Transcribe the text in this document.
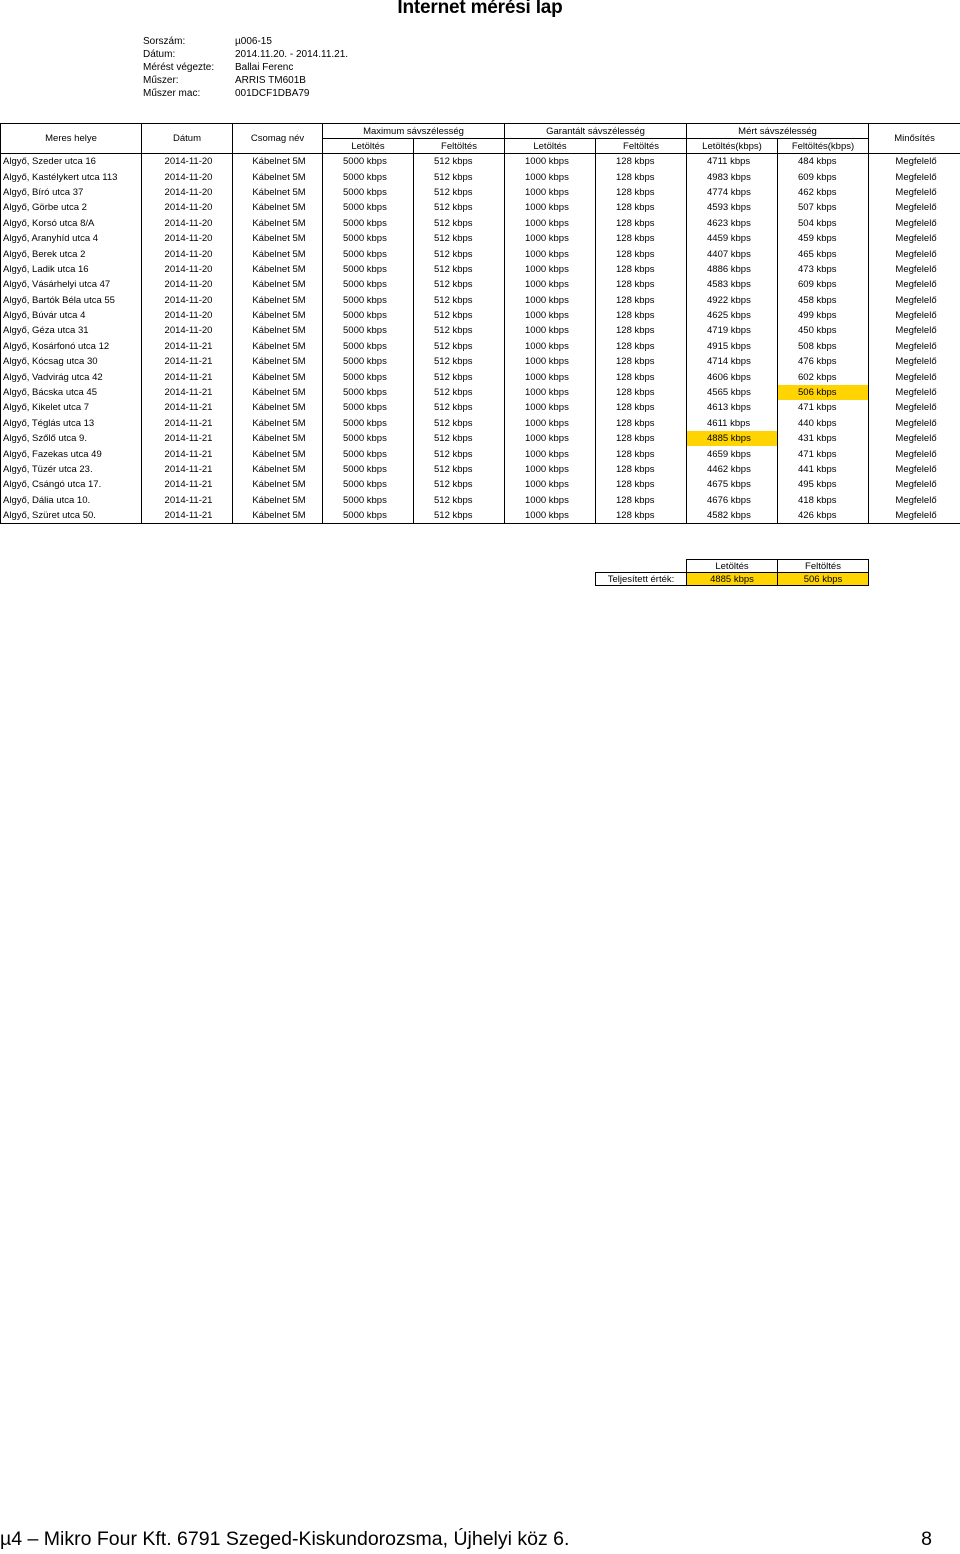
Internet mérési lap
Sorszám:	µ006-15
Dátum:	2014.11.20. - 2014.11.21.
Mérést végezte:	Ballai Ferenc
Műszer:	ARRIS TM601B
Műszer mac:	001DCF1DBA79
Meres helye	Dátum	Csomag név	Maximum sávszélesség		Garantált sávszélesség		Mért sávszélesség		Minősítés
			Letöltés	Feltöltés	Letöltés	Feltöltés	Letöltés(kbps)	Feltöltés(kbps)	
Algyő, Szeder utca 16	2014-11-20	Kábelnet 5M	5000 kbps	512 kbps	1000 kbps	128 kbps	4711 kbps	484 kbps	Megfelelő
Algyő, Kastélykert utca 113	2014-11-20	Kábelnet 5M	5000 kbps	512 kbps	1000 kbps	128 kbps	4983 kbps	609 kbps	Megfelelő
Algyő, Bíró utca 37	2014-11-20	Kábelnet 5M	5000 kbps	512 kbps	1000 kbps	128 kbps	4774 kbps	462 kbps	Megfelelő
Algyő, Görbe utca 2	2014-11-20	Kábelnet 5M	5000 kbps	512 kbps	1000 kbps	128 kbps	4593 kbps	507 kbps	Megfelelő
Algyő, Korsó utca 8/A	2014-11-20	Kábelnet 5M	5000 kbps	512 kbps	1000 kbps	128 kbps	4623 kbps	504 kbps	Megfelelő
Algyő, Aranyhíd utca 4	2014-11-20	Kábelnet 5M	5000 kbps	512 kbps	1000 kbps	128 kbps	4459 kbps	459 kbps	Megfelelő
Algyő, Berek utca 2	2014-11-20	Kábelnet 5M	5000 kbps	512 kbps	1000 kbps	128 kbps	4407 kbps	465 kbps	Megfelelő
Algyő, Ladik utca 16	2014-11-20	Kábelnet 5M	5000 kbps	512 kbps	1000 kbps	128 kbps	4886 kbps	473 kbps	Megfelelő
Algyő, Vásárhelyi utca 47	2014-11-20	Kábelnet 5M	5000 kbps	512 kbps	1000 kbps	128 kbps	4583 kbps	609 kbps	Megfelelő
Algyő, Bartók Béla utca 55	2014-11-20	Kábelnet 5M	5000 kbps	512 kbps	1000 kbps	128 kbps	4922 kbps	458 kbps	Megfelelő
Algyő, Búvár utca 4	2014-11-20	Kábelnet 5M	5000 kbps	512 kbps	1000 kbps	128 kbps	4625 kbps	499 kbps	Megfelelő
Algyő, Géza utca 31	2014-11-20	Kábelnet 5M	5000 kbps	512 kbps	1000 kbps	128 kbps	4719 kbps	450 kbps	Megfelelő
Algyő, Kosárfonó utca 12	2014-11-21	Kábelnet 5M	5000 kbps	512 kbps	1000 kbps	128 kbps	4915 kbps	508 kbps	Megfelelő
Algyő, Kócsag utca 30	2014-11-21	Kábelnet 5M	5000 kbps	512 kbps	1000 kbps	128 kbps	4714 kbps	476 kbps	Megfelelő
Algyő, Vadvirág utca 42	2014-11-21	Kábelnet 5M	5000 kbps	512 kbps	1000 kbps	128 kbps	4606 kbps	602 kbps	Megfelelő
Algyő, Bácska utca 45	2014-11-21	Kábelnet 5M	5000 kbps	512 kbps	1000 kbps	128 kbps	4565 kbps	506 kbps	Megfelelő
Algyő, Kikelet utca 7	2014-11-21	Kábelnet 5M	5000 kbps	512 kbps	1000 kbps	128 kbps	4613 kbps	471 kbps	Megfelelő
Algyő, Téglás utca 13	2014-11-21	Kábelnet 5M	5000 kbps	512 kbps	1000 kbps	128 kbps	4611 kbps	440 kbps	Megfelelő
Algyő, Szőlő utca 9.	2014-11-21	Kábelnet 5M	5000 kbps	512 kbps	1000 kbps	128 kbps	4885 kbps	431 kbps	Megfelelő
Algyő, Fazekas utca 49	2014-11-21	Kábelnet 5M	5000 kbps	512 kbps	1000 kbps	128 kbps	4659 kbps	471 kbps	Megfelelő
Algyő, Tüzér utca 23.	2014-11-21	Kábelnet 5M	5000 kbps	512 kbps	1000 kbps	128 kbps	4462 kbps	441 kbps	Megfelelő
Algyő, Csángó utca 17.	2014-11-21	Kábelnet 5M	5000 kbps	512 kbps	1000 kbps	128 kbps	4675 kbps	495 kbps	Megfelelő
Algyő, Dália utca 10.	2014-11-21	Kábelnet 5M	5000 kbps	512 kbps	1000 kbps	128 kbps	4676 kbps	418 kbps	Megfelelő
Algyő, Szüret utca 50.	2014-11-21	Kábelnet 5M	5000 kbps	512 kbps	1000 kbps	128 kbps	4582 kbps	426 kbps	Megfelelő
	Letöltés	Feltöltés
Teljesített érték:	4885 kbps	506 kbps
µ4 – Mikro Four Kft. 6791 Szeged-Kiskundorozsma, Újhelyi köz 6.	8
